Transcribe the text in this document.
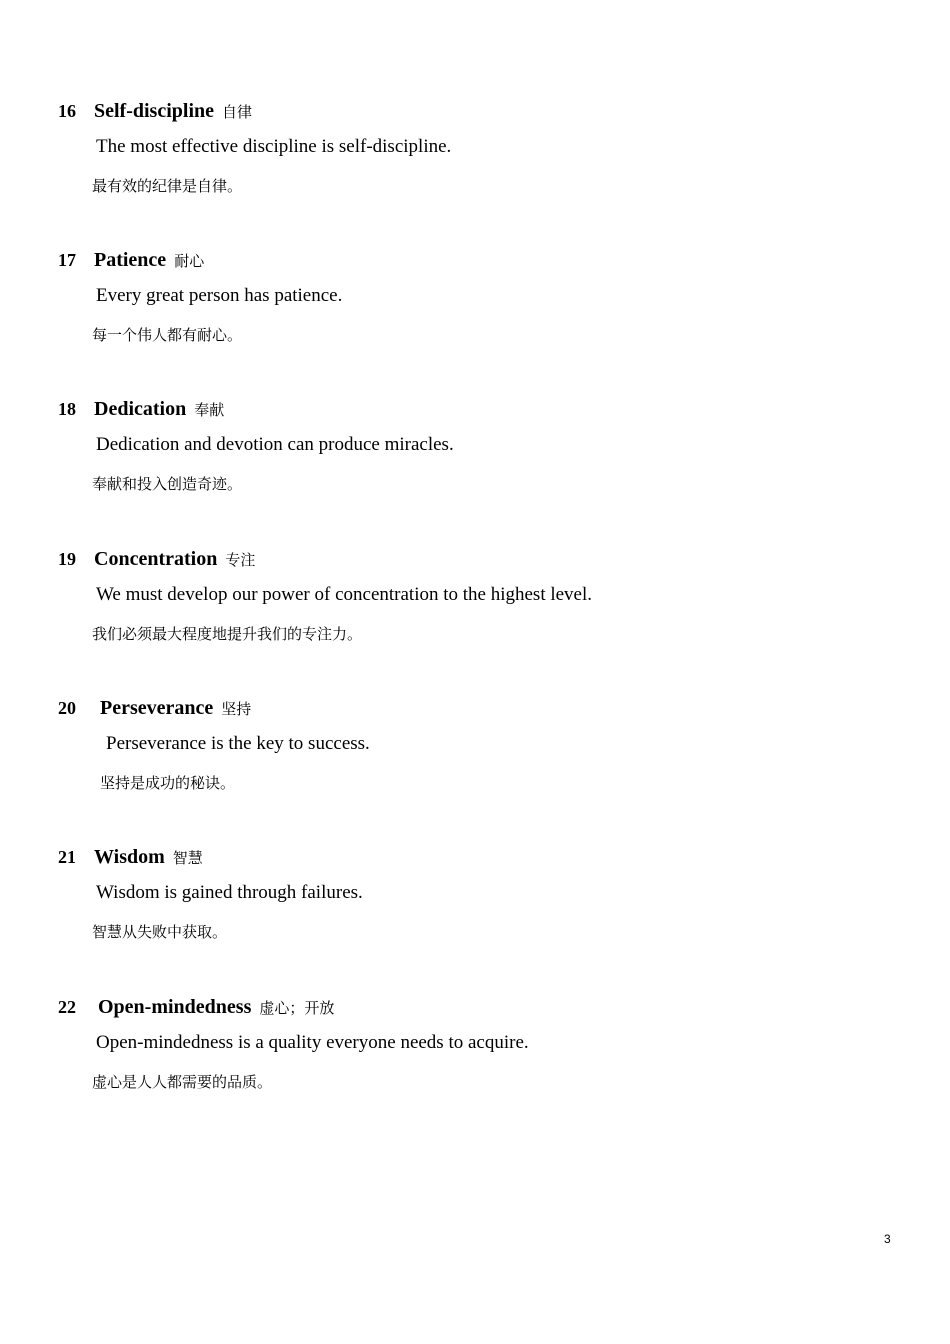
16 Self-discipline 自律
The most effective discipline is self-discipline.
最有效的纪律是自律。
17 Patience 耐心
Every great person has patience.
每一个伟人都有耐心。
18 Dedication 奉献
Dedication and devotion can produce miracles.
奉献和投入创造奇迹。
19 Concentration 专注
We must develop our power of concentration to the highest level.
我们必须最大程度地提升我们的专注力。
20 Perseverance 坚持
Perseverance is the key to success.
坚持是成功的秘诀。
21 Wisdom 智慧
Wisdom is gained through failures.
智慧从失败中获取。
22 Open-mindedness 虚心；开放
Open-mindedness is a quality everyone needs to acquire.
虚心是人人都需要的品质。
3
